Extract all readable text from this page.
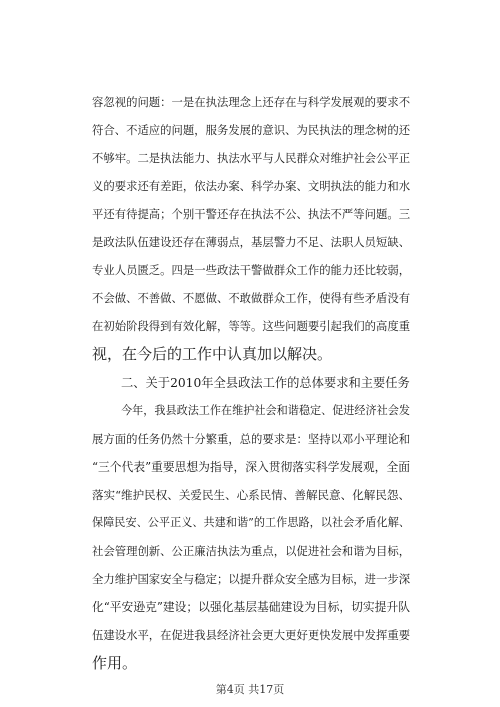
容忽视的问题：一是在执法理念上还存在与科学发展观的要求不
符合、不适应的问题，服务发展的意识、为民执法的理念树的还
不够牢。二是执法能力、执法水平与人民群众对维护社会公平正
义的要求还有差距，依法办案、科学办案、文明执法的能力和水
平还有待提高；个别干警还存在执法不公、执法不严等问题。三
是政法队伍建设还存在薄弱点，基层警力不足、法职人员短缺、
专业人员匮乏。四是一些政法干警做群众工作的能力还比较弱，
不会做、不善做、不愿做、不敢做群众工作，使得有些矛盾没有
在初始阶段得到有效化解，等等。这些问题要引起我们的高度重
视，在今后的工作中认真加以解决。
二、关于2010年全县政法工作的总体要求和主要任务
今年，我县政法工作在维护社会和谐稳定、促进经济社会发
展方面的任务仍然十分繁重，总的要求是：坚持以邓小平理论和
“三个代表”重要思想为指导，深入贯彻落实科学发展观，全面
落实“维护民权、关爱民生、心系民情、善解民意、化解民怨、
保障民安、公平正义、共建和谐”的工作思路，以社会矛盾化解、
社会管理创新、公正廉洁执法为重点，以促进社会和谐为目标，
全力维护国家安全与稳定；以提升群众安全感为目标，进一步深
化“平安逊克”建设；以强化基层基础建设为目标，切实提升队
伍建设水平，在促进我县经济社会更大更好更快发展中发挥重要
作用。
第4页 共17页
